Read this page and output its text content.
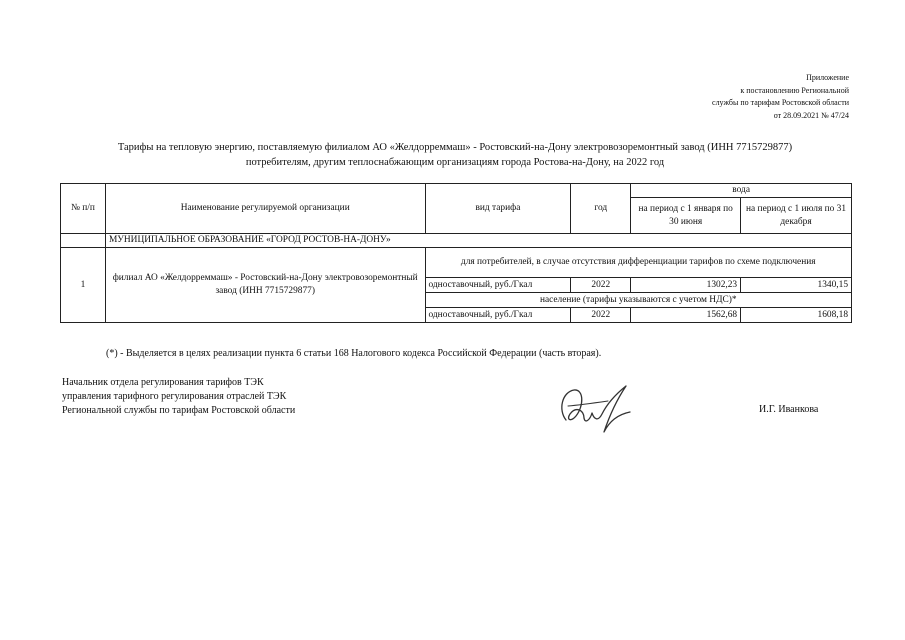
Приложение
к постановлению Региональной
службы по тарифам Ростовской области
от 28.09.2021 № 47/24
Тарифы на тепловую энергию, поставляемую филиалом АО «Желдорреммаш» - Ростовский-на-Дону электровозоремонтный завод (ИНН 7715729877)
потребителям, другим теплоснабжающим организациям города Ростова-на-Дону, на 2022 год
№ п/п	Наименование регулируемой организации	вид тарифа	год	вода	
				на период с 1 января по 30 июня	на период с 1 июля по 31 декабря
	МУНИЦИПАЛЬНОЕ ОБРАЗОВАНИЕ «ГОРОД РОСТОВ-НА-ДОНУ»				
1	филиал АО «Желдорреммаш» - Ростовский-на-Дону электровозоремонтный завод (ИНН 7715729877)	для потребителей, в случае отсутствия дифференциации тарифов по схеме подключения			
		одноставочный, руб./Гкал	2022	1302,23	1340,15
		население (тарифы указываются с учетом НДС)*			
		одноставочный, руб./Гкал	2022	1562,68	1608,18
(*) - Выделяется в целях реализации пункта 6 статьи 168 Налогового кодекса Российской Федерации (часть вторая).
Начальник отдела регулирования тарифов ТЭК
управления тарифного регулирования отраслей ТЭК
Региональной службы по тарифам Ростовской области	И.Г. Иванкова
